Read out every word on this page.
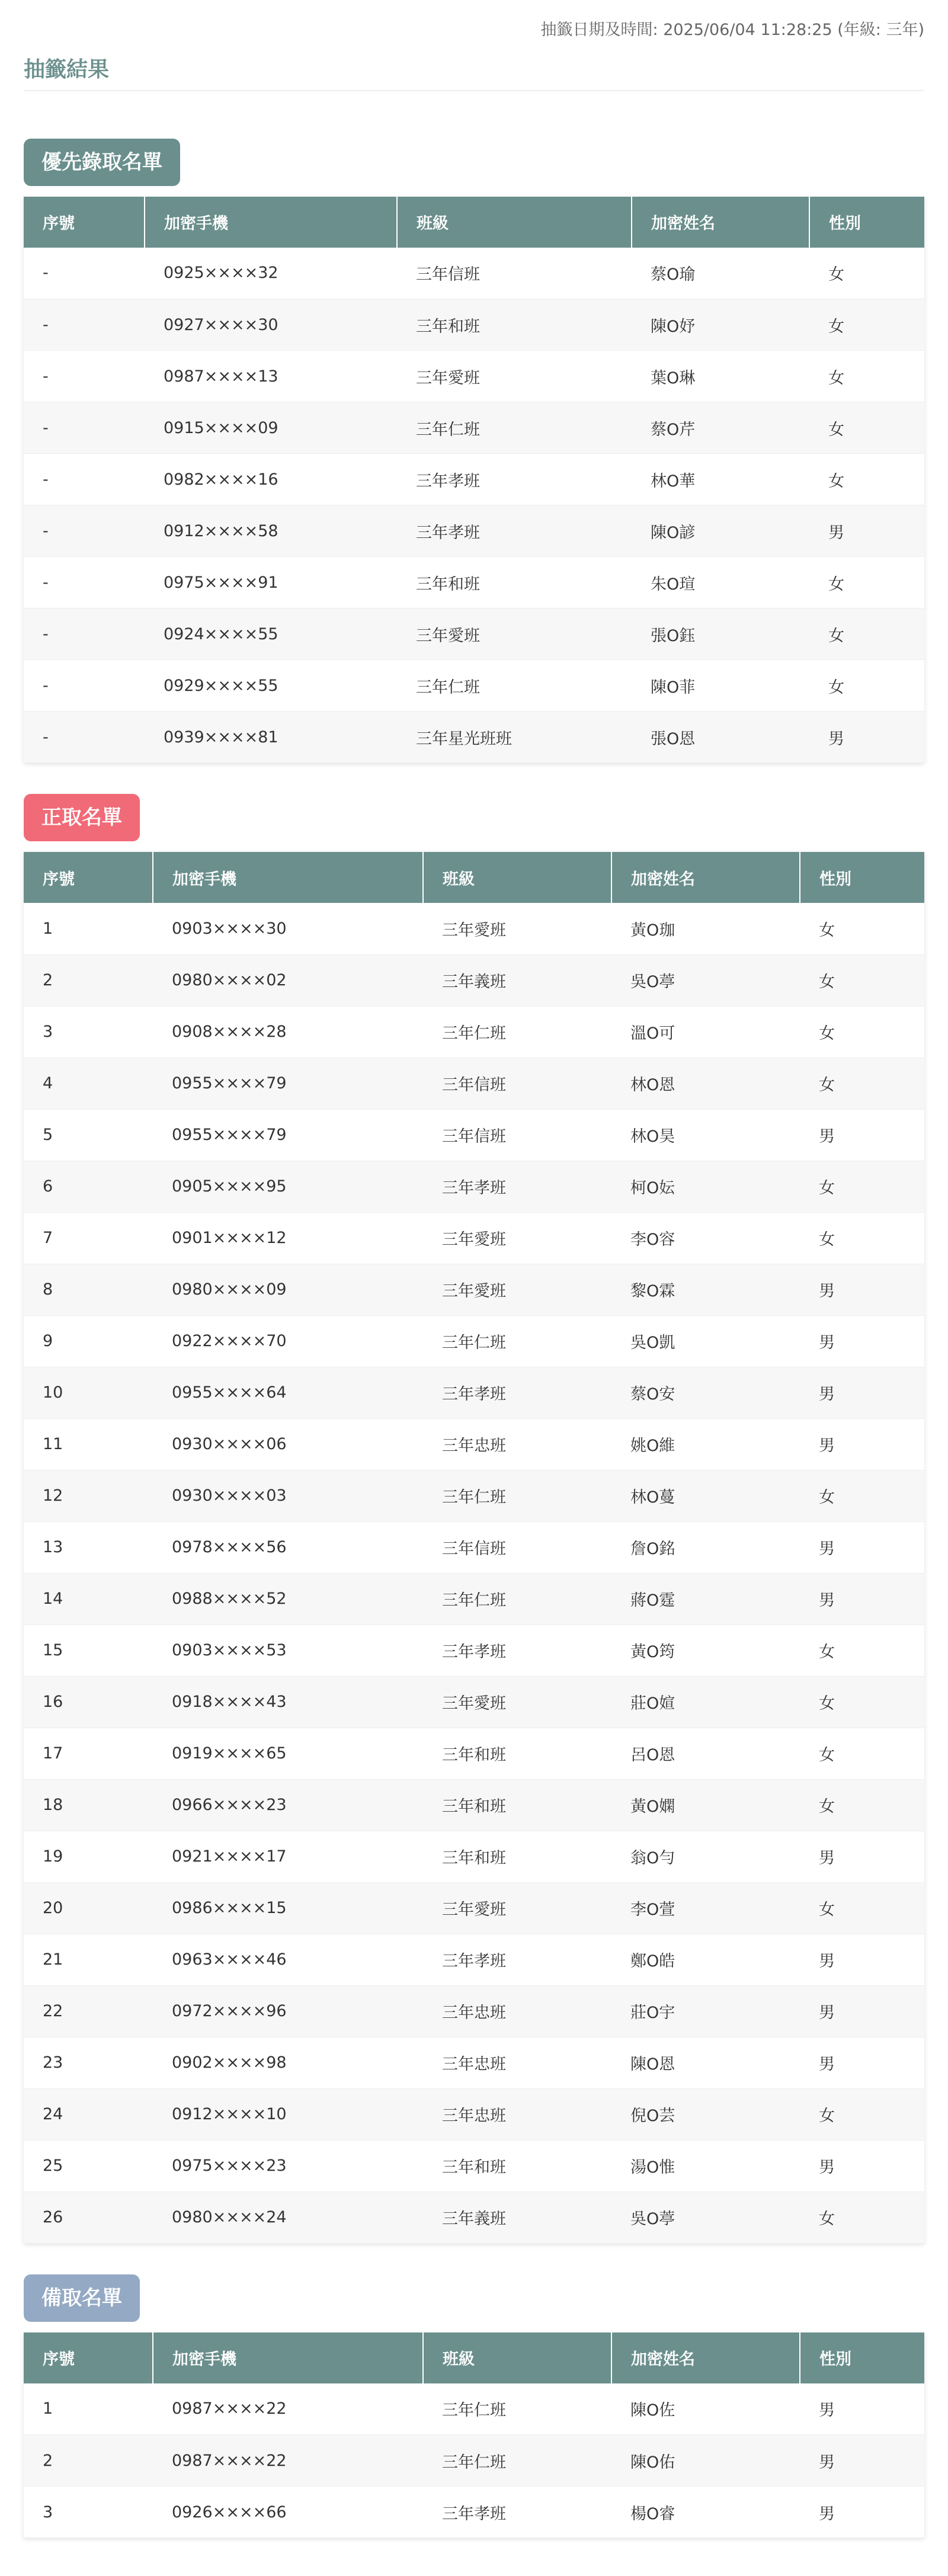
抽籤日期及時間: 2025/06/04 11:28:25 (年級: 三年)
抽籤結果
優先錄取名單
序號	加密手機	班級	加密姓名	性別
-	0925××××32	三年信班	蔡O瑜	女
-	0927××××30	三年和班	陳O妤	女
-	0987××××13	三年愛班	葉O琳	女
-	0915××××09	三年仁班	蔡O芹	女
-	0982××××16	三年孝班	林O華	女
-	0912××××58	三年孝班	陳O諺	男
-	0975××××91	三年和班	朱O瑄	女
-	0924××××55	三年愛班	張O鈺	女
-	0929××××55	三年仁班	陳O菲	女
-	0939××××81	三年星光班班	張O恩	男
正取名單
序號	加密手機	班級	加密姓名	性別
1	0903××××30	三年愛班	黃O珈	女
2	0980××××02	三年義班	吳O葶	女
3	0908××××28	三年仁班	溫O可	女
4	0955××××79	三年信班	林O恩	女
5	0955××××79	三年信班	林O昊	男
6	0905××××95	三年孝班	柯O妘	女
7	0901××××12	三年愛班	李O容	女
8	0980××××09	三年愛班	黎O霖	男
9	0922××××70	三年仁班	吳O凱	男
10	0955××××64	三年孝班	蔡O安	男
11	0930××××06	三年忠班	姚O維	男
12	0930××××03	三年仁班	林O蔓	女
13	0978××××56	三年信班	詹O銘	男
14	0988××××52	三年仁班	蔣O霆	男
15	0903××××53	三年孝班	黃O筠	女
16	0918××××43	三年愛班	莊O媗	女
17	0919××××65	三年和班	呂O恩	女
18	0966××××23	三年和班	黃O嫻	女
19	0921××××17	三年和班	翁O勻	男
20	0986××××15	三年愛班	李O萱	女
21	0963××××46	三年孝班	鄭O皓	男
22	0972××××96	三年忠班	莊O宇	男
23	0902××××98	三年忠班	陳O恩	男
24	0912××××10	三年忠班	倪O芸	女
25	0975××××23	三年和班	湯O惟	男
26	0980××××24	三年義班	吳O葶	女
備取名單
序號	加密手機	班級	加密姓名	性別
1	0987××××22	三年仁班	陳O佐	男
2	0987××××22	三年仁班	陳O佑	男
3	0926××××66	三年孝班	楊O睿	男
